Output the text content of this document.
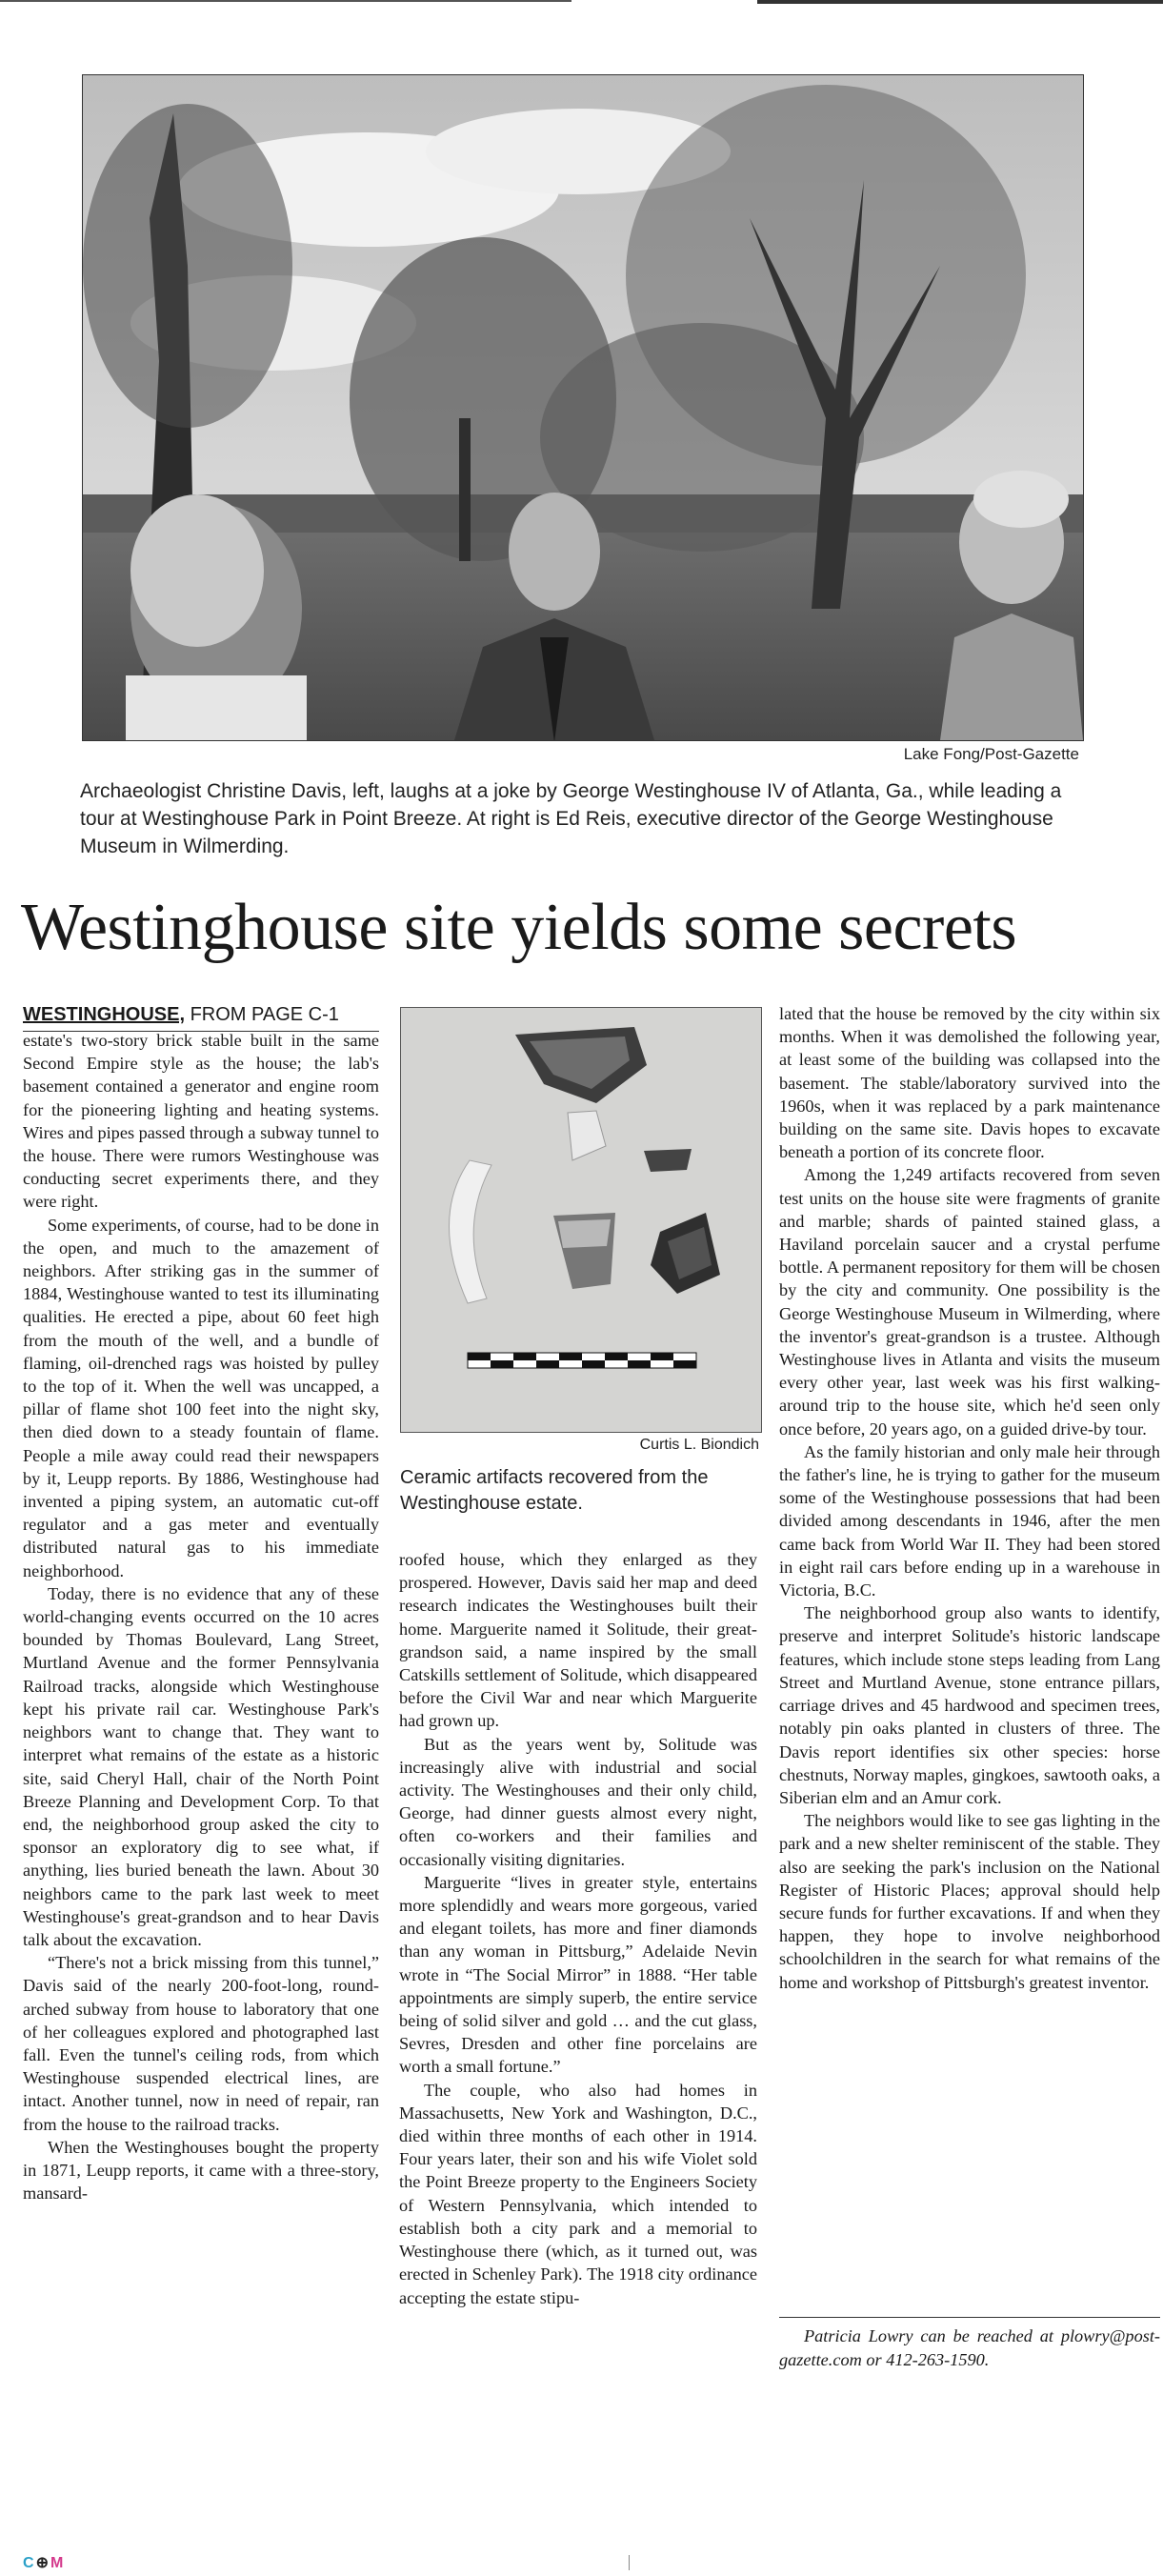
Lake Fong/Post-Gazette
Archaeologist Christine Davis, left, laughs at a joke by George Westinghouse IV of Atlanta, Ga., while leading a tour at Westinghouse Park in Point Breeze. At right is Ed Reis, executive director of the George Westinghouse Museum in Wilmerding.
Westinghouse site yields some secrets
WESTINGHOUSE, FROM PAGE C-1

estate's two-story brick stable built in the same Second Empire style as the house; the lab's basement contained a generator and engine room for the pioneering lighting and heating systems. Wires and pipes passed through a subway tunnel to the house. There were rumors Westinghouse was conducting secret experiments there, and they were right.

Some experiments, of course, had to be done in the open, and much to the amazement of neighbors. After striking gas in the summer of 1884, Westinghouse wanted to test its illuminating qualities. He erected a pipe, about 60 feet high from the mouth of the well, and a bundle of flaming, oil-drenched rags was hoisted by pulley to the top of it. When the well was uncapped, a pillar of flame shot 100 feet into the night sky, then died down to a steady fountain of flame. People a mile away could read their newspapers by it, Leupp reports. By 1886, Westinghouse had invented a piping system, an automatic cut-off regulator and a gas meter and eventually distributed natural gas to his immediate neighborhood.

Today, there is no evidence that any of these world-changing events occurred on the 10 acres bounded by Thomas Boulevard, Lang Street, Murtland Avenue and the former Pennsylvania Railroad tracks, alongside which Westinghouse kept his private rail car. Westinghouse Park's neighbors want to change that. They want to interpret what remains of the estate as a historic site, said Cheryl Hall, chair of the North Point Breeze Planning and Development Corp. To that end, the neighborhood group asked the city to sponsor an exploratory dig to see what, if anything, lies buried beneath the lawn. About 30 neighbors came to the park last week to meet Westinghouse's great-grandson and to hear Davis talk about the excavation.

“There's not a brick missing from this tunnel,” Davis said of the nearly 200-foot-long, round-arched subway from house to laboratory that one of her colleagues explored and photographed last fall. Even the tunnel's ceiling rods, from which Westinghouse suspended electrical lines, are intact. Another tunnel, now in need of repair, ran from the house to the railroad tracks.

When the Westinghouses bought the property in 1871, Leupp reports, it came with a three-story, mansard-

Curtis L. Biondich
Ceramic artifacts recovered from the Westinghouse estate.

roofed house, which they enlarged as they prospered. However, Davis said her map and deed research indicates the Westinghouses built their home. Marguerite named it Solitude, their great-grandson said, a name inspired by the small Catskills settlement of Solitude, which disappeared before the Civil War and near which Marguerite had grown up.

But as the years went by, Solitude was increasingly alive with industrial and social activity. The Westinghouses and their only child, George, had dinner guests almost every night, often co-workers and their families and occasionally visiting dignitaries.

Marguerite “lives in greater style, entertains more splendidly and wears more gorgeous, varied and elegant toilets, has more and finer diamonds than any woman in Pittsburg,” Adelaide Nevin wrote in “The Social Mirror” in 1888. “Her table appointments are simply superb, the entire service being of solid silver and gold … and the cut glass, Sevres, Dresden and other fine porcelains are worth a small fortune.”

The couple, who also had homes in Massachusetts, New York and Washington, D.C., died within three months of each other in 1914. Four years later, their son and his wife Violet sold the Point Breeze property to the Engineers Society of Western Pennsylvania, which intended to establish both a city park and a memorial to Westinghouse there (which, as it turned out, was erected in Schenley Park). The 1918 city ordinance accepting the estate stipu-

lated that the house be removed by the city within six months. When it was demolished the following year, at least some of the building was collapsed into the basement. The stable/laboratory survived into the 1960s, when it was replaced by a park maintenance building on the same site. Davis hopes to excavate beneath a portion of its concrete floor.

Among the 1,249 artifacts recovered from seven test units on the house site were fragments of granite and marble; shards of painted stained glass, a Haviland porcelain saucer and a crystal perfume bottle. A permanent repository for them will be chosen by the city and community. One possibility is the George Westinghouse Museum in Wilmerding, where the inventor's great-grandson is a trustee. Although Westinghouse lives in Atlanta and visits the museum every other year, last week was his first walking-around trip to the house site, which he'd seen only once before, 20 years ago, on a guided drive-by tour.

As the family historian and only male heir through the father's line, he is trying to gather for the museum some of the Westinghouse possessions that had been divided among descendants in 1946, after the men came back from World War II. They had been stored in eight rail cars before ending up in a warehouse in Victoria, B.C.

The neighborhood group also wants to identify, preserve and interpret Solitude's historic landscape features, which include stone steps leading from Lang Street and Murtland Avenue, stone entrance pillars, carriage drives and 45 hardwood and specimen trees, notably pin oaks planted in clusters of three. The Davis report identifies six other species: horse chestnuts, Norway maples, gingkoes, sawtooth oaks, a Siberian elm and an Amur cork.

The neighbors would like to see gas lighting in the park and a new shelter reminiscent of the stable. They also are seeking the park's inclusion on the National Register of Historic Places; approval should help secure funds for further excavations. If and when they happen, they hope to involve neighborhood schoolchildren in the search for what remains of the home and workshop of Pittsburgh's greatest inventor.

Patricia Lowry can be reached at plowry@post-gazette.com or 412-263-1590.

C⊕M
